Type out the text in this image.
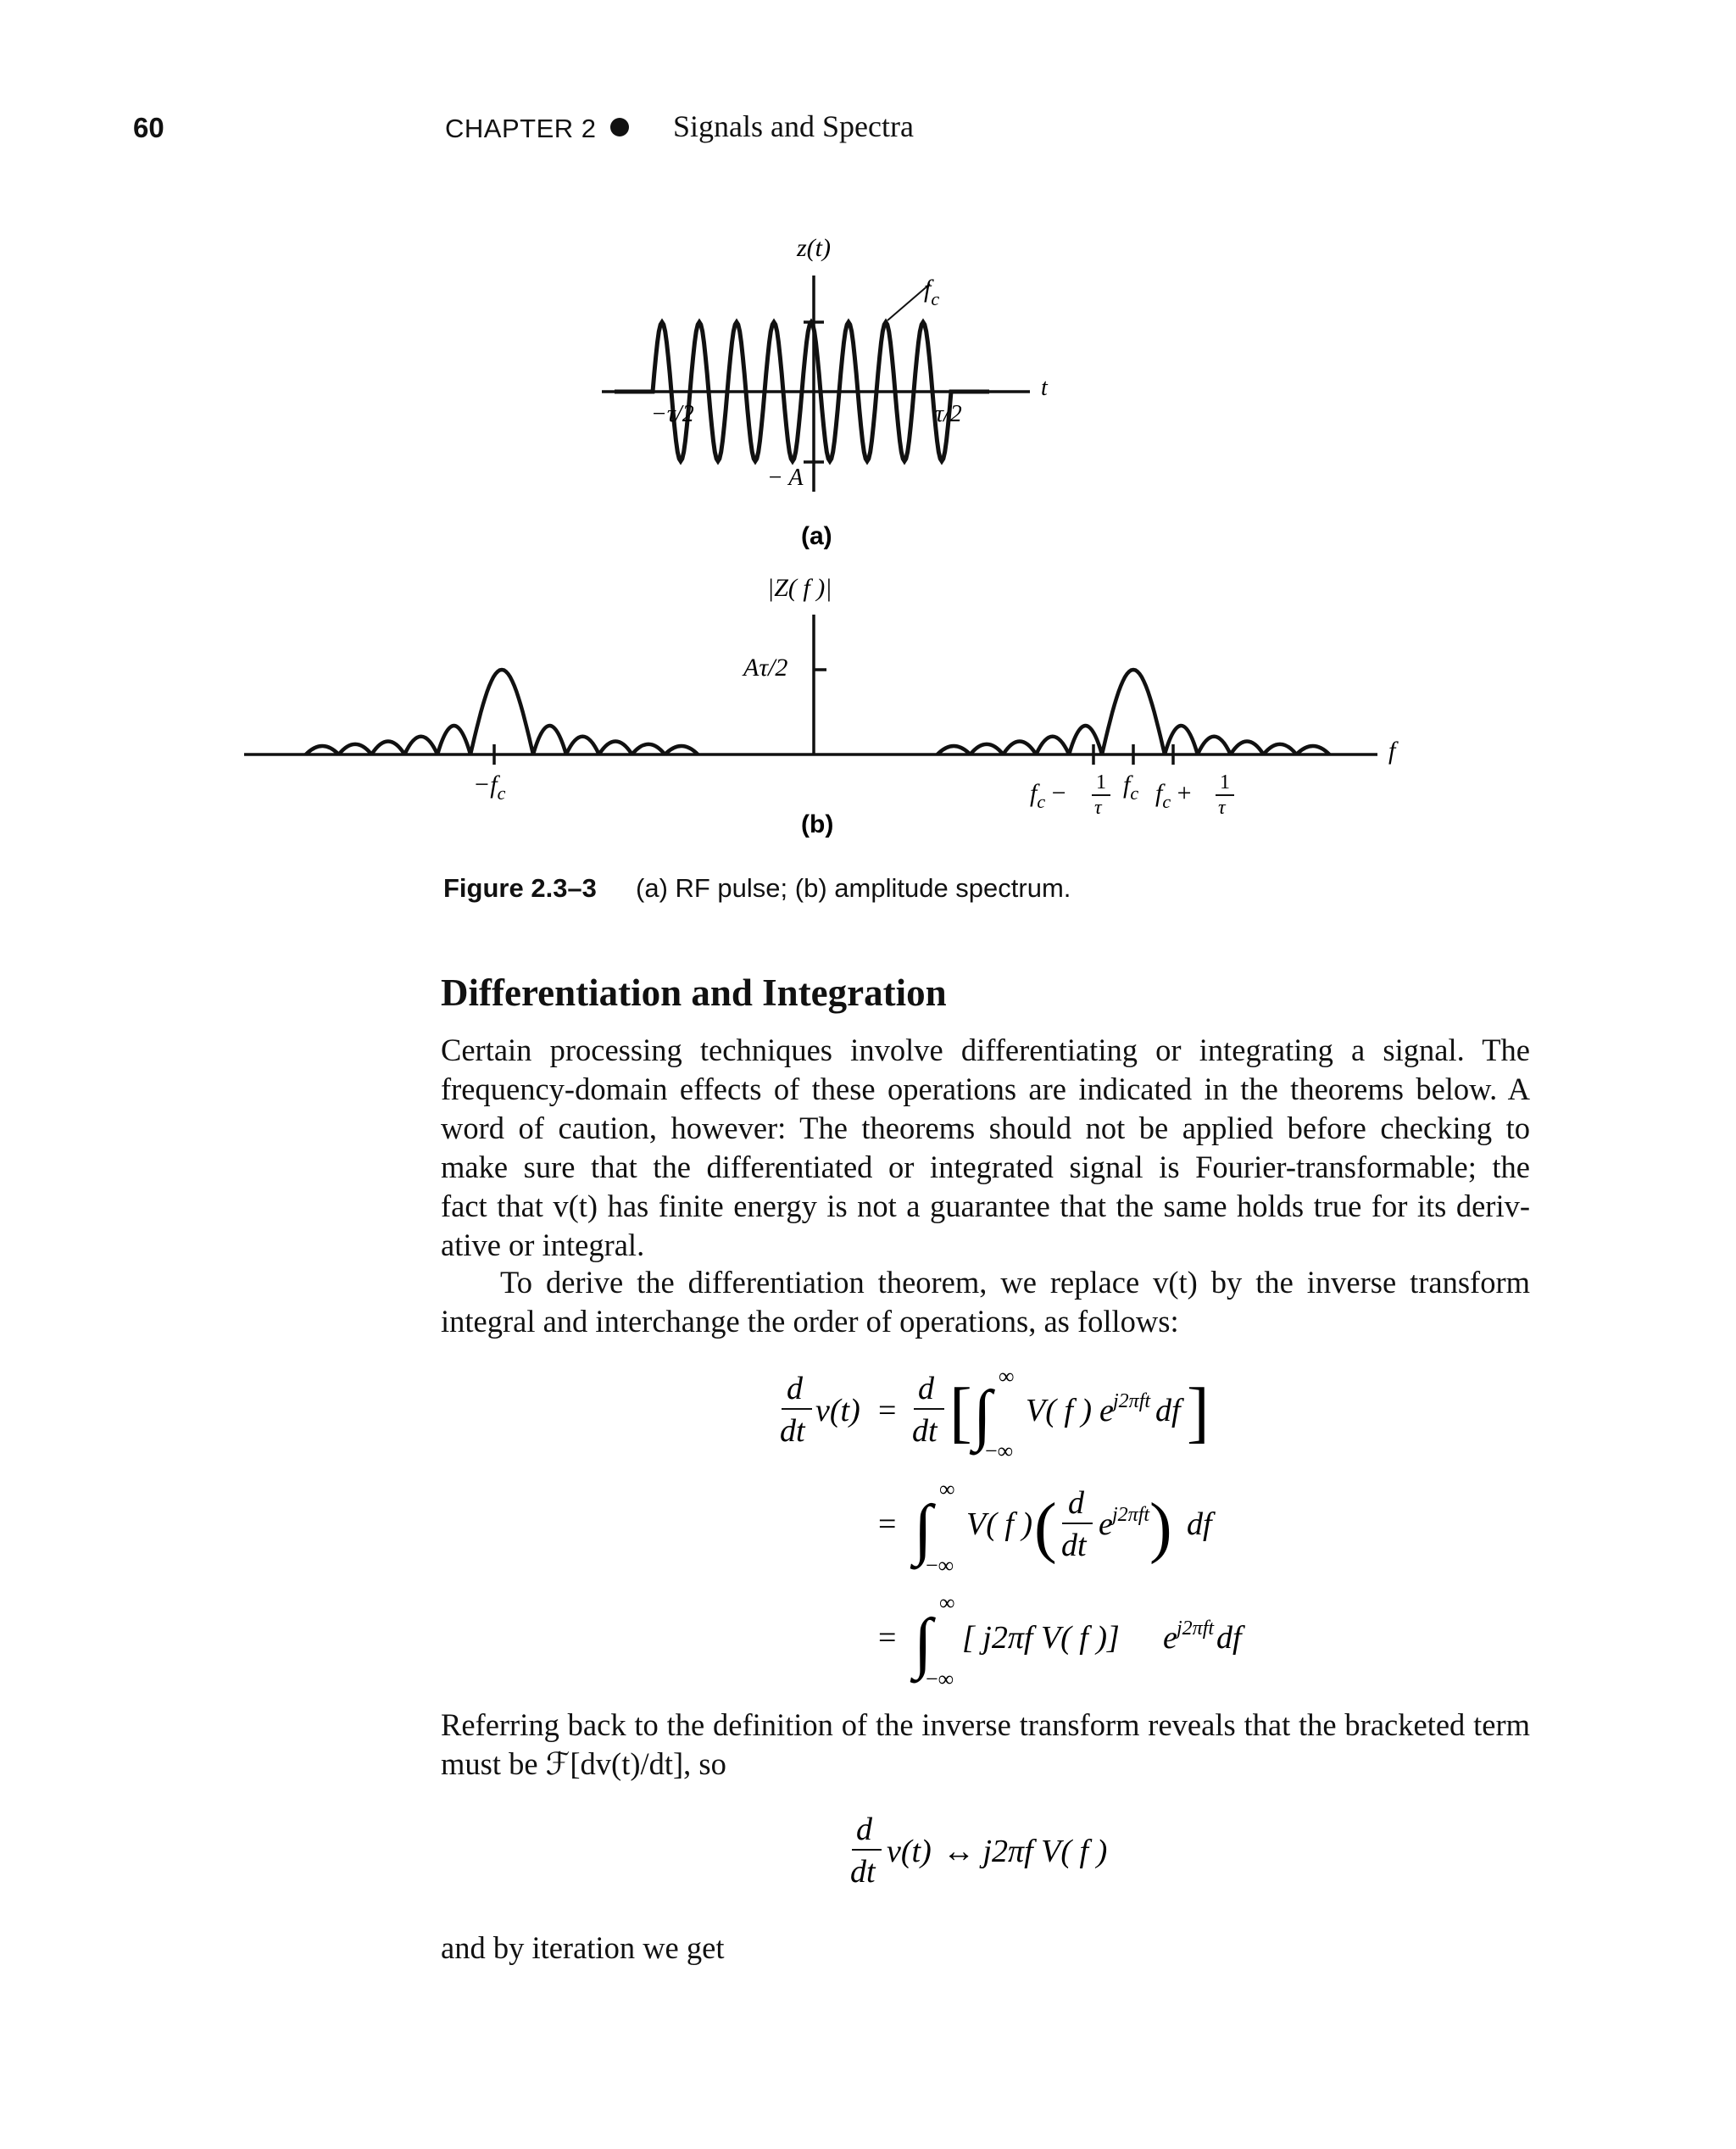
60	CHAPTER 2	Signals and Spectra
z(t)
t
$f_c$
−τ/2	τ/2
− A
(a)
|Z( f )|
Aτ/2
f
$-f_c$	$f_c - 1$
τ
$f_c$ $f_c + 1$
τ
(b)
d
dt
v(t) =
d
dt [ ∫
∞
−∞
V( f ) e j2πft df ]
= ∫
∞
−∞
V( f ) ( d
dt
e j2πft ) df
= ∫
∞
−∞
[ j2πf V( f )] e j2πft df
d
dt
v(t) ↔ j2πf V( f )
Figure 2.3–3 (a) RF pulse; (b) amplitude spectrum.
Differentiation and Integration
Certain processing techniques involve differentiating or integrating a signal. The
frequency-domain effects of these operations are indicated in the theorems below. A
word of caution, however: The theorems should not be applied before checking to
make sure that the differentiated or integrated signal is Fourier-transformable; the
fact that v(t) has finite energy is not a guarantee that the same holds true for its deriv-
ative or integral.

To derive the differentiation theorem, we replace v(t) by the inverse transform integral and interchange the order of operations, as follows:

Referring back to the definition of the inverse transform reveals that the bracketed term must be ℱ[dv(t)/dt], so

and by iteration we get
